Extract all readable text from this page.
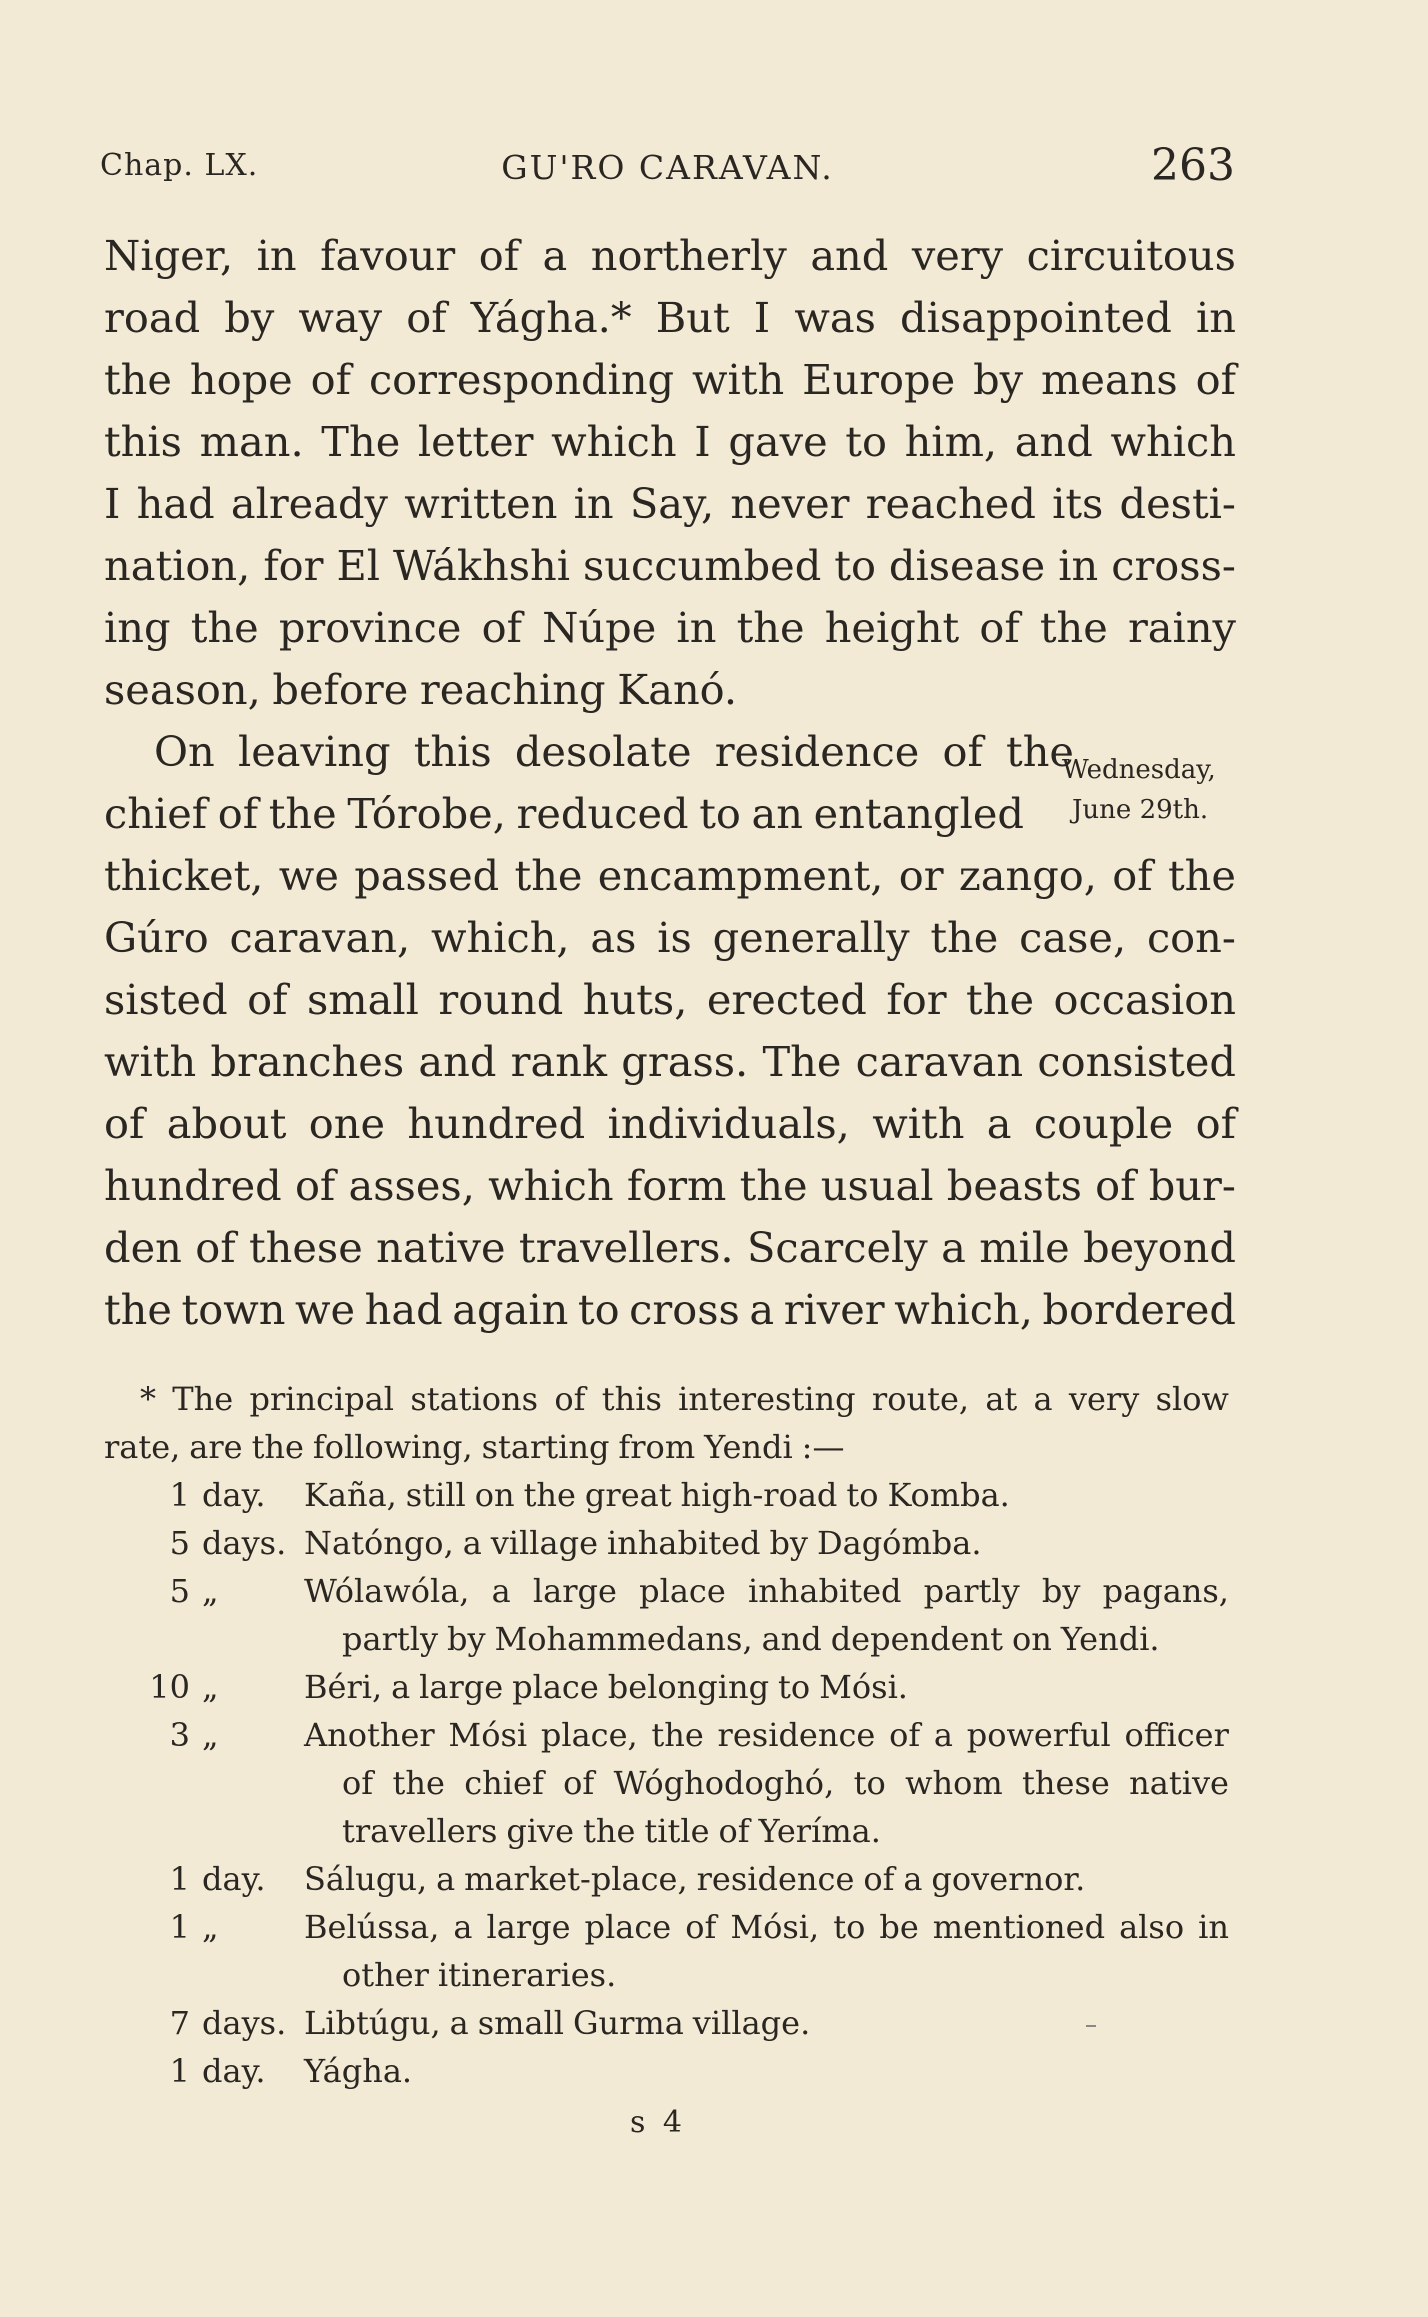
Chap. LX.	GU'RO CARAVAN.	263
Niger, in favour of a northerly and very circuitous
road by way of Yágha.* But I was disappointed in
the hope of corresponding with Europe by means of
this man. The letter which I gave to him, and which
I had already written in Say, never reached its desti-
nation, for El Wákhshi succumbed to disease in cross-
ing the province of Núpe in the height of the rainy
season, before reaching Kanó.
On leaving this desolate residence of the
chief of the Tórobe, reduced to an entangled
thicket, we passed the encampment, or zango, of the
Gúro caravan, which, as is generally the case, con-
sisted of small round huts, erected for the occasion
with branches and rank grass. The caravan consisted
of about one hundred individuals, with a couple of
hundred of asses, which form the usual beasts of bur-
den of these native travellers. Scarcely a mile beyond
the town we had again to cross a river which, bordered
Wednesday,
June 29th.
* The principal stations of this interesting route, at a very slow
rate, are the following, starting from Yendi :—
1 day.	Kaña, still on the great high-road to Komba.
5 days. Natóngo, a village inhabited by Dagómba.
5 „	Wólawóla, a large place inhabited partly by pagans,
partly by Mohammedans, and dependent on Yendi.
10 „	Béri, a large place belonging to Mósi.
3 „	Another Mósi place, the residence of a powerful officer
of the chief of Wóghodoghó, to whom these native
travellers give the title of Yeríma.
1 day.	Sálugu, a market-place, residence of a governor.
1 „	Belússa, a large place of Mósi, to be mentioned also in
other itineraries.
7 days. Libtúgu, a small Gurma village.
1 day.	Yágha.
s 4
